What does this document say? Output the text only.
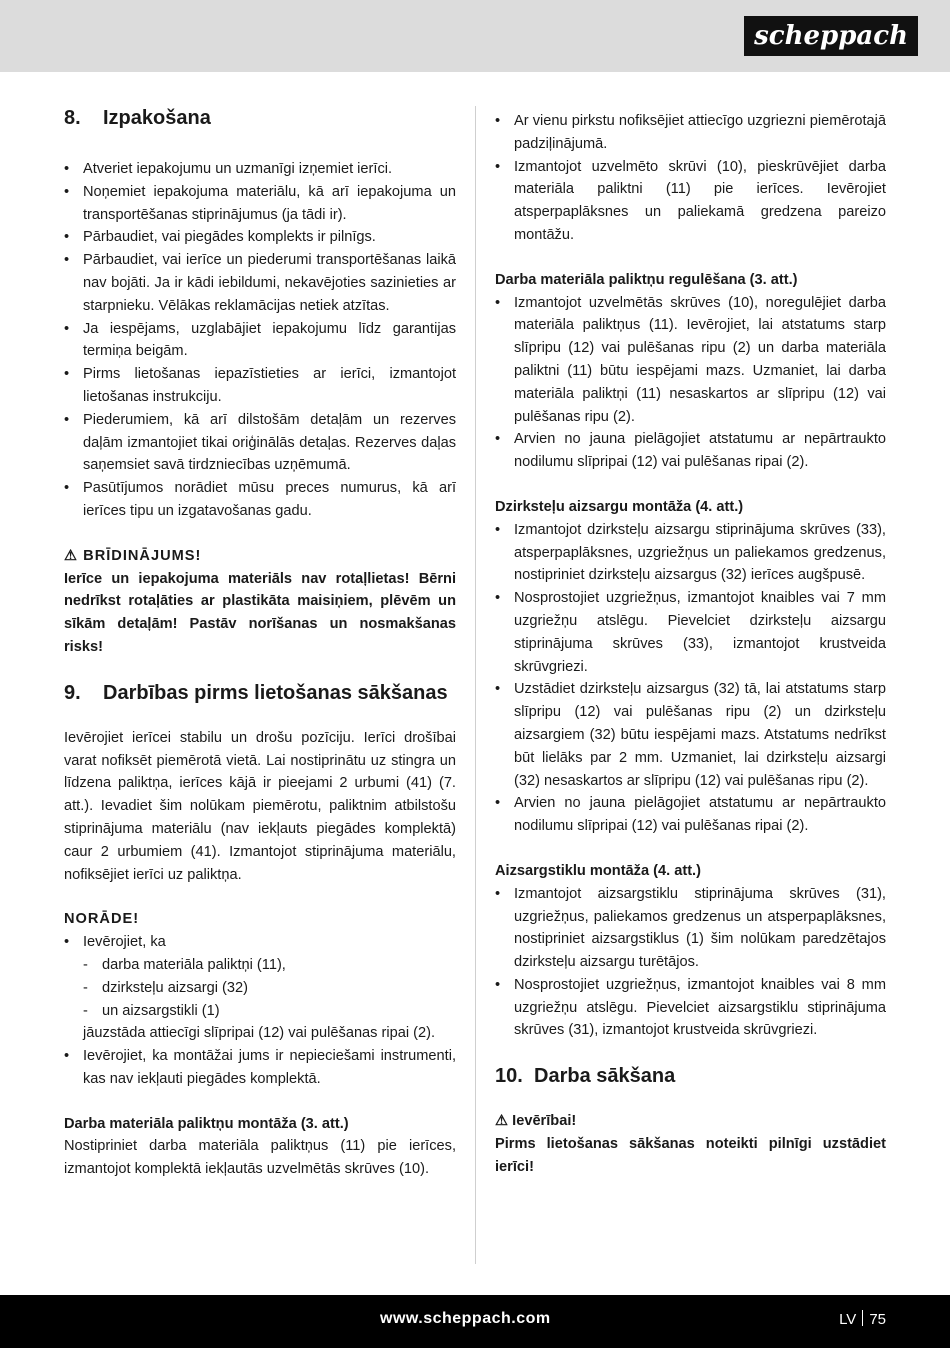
scheppach
8.	Izpakošana
• Atveriet iepakojumu un uzmanīgi izņemiet ierīci.
• Noņemiet iepakojuma materiālu, kā arī iepakojuma un transportēšanas stiprinājumus (ja tādi ir).
• Pārbaudiet, vai piegādes komplekts ir pilnīgs.
• Pārbaudiet, vai ierīce un piederumi transportēšanas laikā nav bojāti. Ja ir kādi iebildumi, nekavējoties sazinieties ar starpnieku. Vēlākas reklamācijas netiek atzītas.
• Ja iespējams, uzglabājiet iepakojumu līdz garantijas termiņa beigām.
• Pirms lietošanas iepazīstieties ar ierīci, izmantojot lietošanas instrukciju.
• Piederumiem, kā arī dilstošām detaļām un rezerves daļām izmantojiet tikai oriģinālās detaļas. Rezerves daļas saņemsiet savā tirdzniecības uzņēmumā.
• Pasūtījumos norādiet mūsu preces numurus, kā arī ierīces tipu un izgatavošanas gadu.
⚠ BRĪDINĀJUMS!

Ierīce un iepakojuma materiāls nav rotaļlietas! Bērni nedrīkst rotaļāties ar plastikāta maisiņiem, plēvēm un sīkām detaļām! Pastāv norīšanas un nosmakšanas risks!

9.	Darbības pirms lietošanas sākšanas

Ievērojiet ierīcei stabilu un drošu pozīciju. Ierīci drošībai varat nofiksēt piemērotā vietā. Lai nostiprinātu uz stingra un līdzena paliktņa, ierīces kājā ir pieejami 2 urbumi (41) (7. att.). Ievadiet šim nolūkam piemērotu, paliktnim atbilstošu stiprinājuma materiālu (nav iekļauts piegādes komplektā) caur 2 urbumiem (41). Izmantojot stiprinājuma materiālu, nofiksējiet ierīci uz paliktņa.

NORĀDE!
• Ievērojiet, ka
- darba materiāla paliktņi (11),
- dzirksteļu aizsargi (32)
- un aizsargstikli (1)
jāuzstāda attiecīgi slīpripai (12) vai pulēšanas ripai (2).
• Ievērojiet, ka montāžai jums ir nepieciešami instrumenti, kas nav iekļauti piegādes komplektā.
Darba materiāla paliktņu montāža (3. att.)

Nostipriniet darba materiāla paliktņus (11) pie ierīces, izmantojot komplektā iekļautās uzvelmētās skrūves (10).

• Ar vienu pirkstu nofiksējiet attiecīgo uzgriezni piemērotajā padziļinājumā.
• Izmantojot uzvelmēto skrūvi (10), pieskrūvējiet darba materiāla paliktni (11) pie ierīces. Ievērojiet atsperpaplāksnes un paliekamā gredzena pareizo montāžu.
Darba materiāla paliktņu regulēšana (3. att.)
• Izmantojot uzvelmētās skrūves (10), noregulējiet darba materiāla paliktņus (11). Ievērojiet, lai atstatums starp slīpripu (12) vai pulēšanas ripu (2) un darba materiāla paliktni (11) būtu iespējami mazs. Uzmaniet, lai darba materiāla paliktņi (11) nesaskartos ar slīpripu (12) vai pulēšanas ripu (2).
• Arvien no jauna pielāgojiet atstatumu ar nepārtraukto nodilumu slīpripai (12) vai pulēšanas ripai (2).
Dzirksteļu aizsargu montāža (4. att.)
• Izmantojot dzirksteļu aizsargu stiprinājuma skrūves (33), atsperpaplāksnes, uzgriežņus un paliekamos gredzenus, nostipriniet dzirksteļu aizsargus (32) ierīces augšpusē.
• Nosprostojiet uzgriežņus, izmantojot knaibles vai 7 mm uzgriežņu atslēgu. Pievelciet dzirksteļu aizsargu stiprinājuma skrūves (33), izmantojot krustveida skrūvgriezi.
• Uzstādiet dzirksteļu aizsargus (32) tā, lai atstatums starp slīpripu (12) vai pulēšanas ripu (2) un dzirksteļu aizsargiem (32) būtu iespējami mazs. Atstatums nedrīkst būt lielāks par 2 mm. Uzmaniet, lai dzirksteļu aizsargi (32) nesaskartos ar slīpripu (12) vai pulēšanas ripu (2).
• Arvien no jauna pielāgojiet atstatumu ar nepārtraukto nodilumu slīpripai (12) vai pulēšanas ripai (2).
Aizsargstiklu montāža (4. att.)
• Izmantojot aizsargstiklu stiprinājuma skrūves (31), uzgriežņus, paliekamos gredzenus un atsperpaplāksnes, nostipriniet aizsargstiklus (1) šim nolūkam paredzētajos dzirksteļu aizsargu turētājos.
• Nosprostojiet uzgriežņus, izmantojot knaibles vai 8 mm uzgriežņu atslēgu. Pievelciet aizsargstiklu stiprinājuma skrūves (31), izmantojot krustveida skrūvgriezi.
10. Darba sākšana
⚠ Ievērībai!

Pirms lietošanas sākšanas noteikti pilnīgi uzstādiet ierīci!

www.scheppach.com	LV 75
